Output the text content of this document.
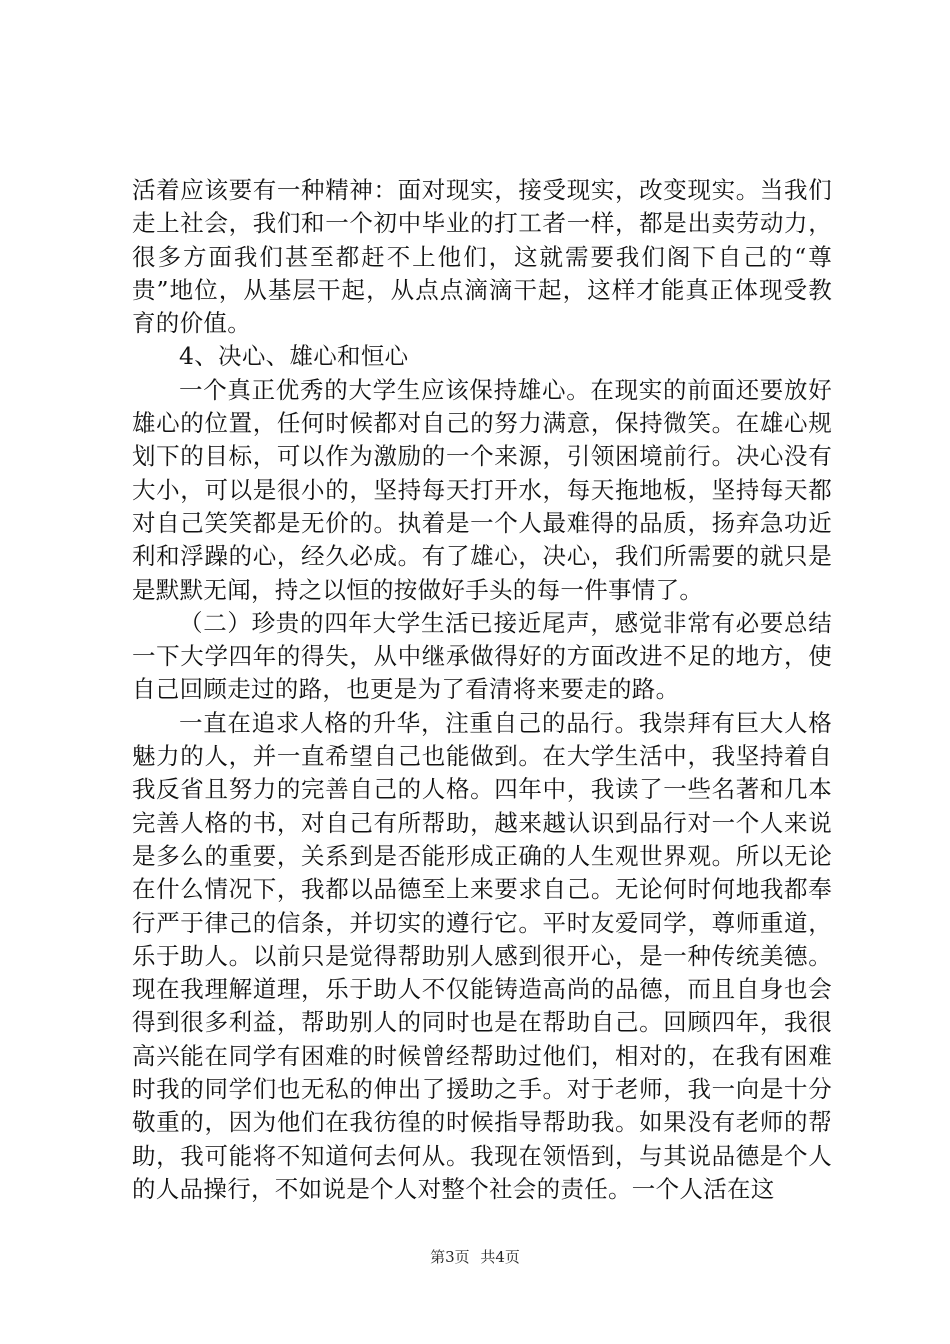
活着应该要有一种精神：面对现实，接受现实，改变现实。当我们走上社会，我们和一个初中毕业的打工者一样，都是出卖劳动力，很多方面我们甚至都赶不上他们，这就需要我们阁下自己的“尊贵”地位，从基层干起，从点点滴滴干起，这样才能真正体现受教育的价值。

4、决心、雄心和恒心

一个真正优秀的大学生应该保持雄心。在现实的前面还要放好雄心的位置，任何时候都对自己的努力满意，保持微笑。在雄心规划下的目标，可以作为激励的一个来源，引领困境前行。决心没有大小，可以是很小的，坚持每天打开水，每天拖地板，坚持每天都对自己笑笑都是无价的。执着是一个人最难得的品质，扬弃急功近利和浮躁的心，经久必成。有了雄心，决心，我们所需要的就只是是默默无闻，持之以恒的按做好手头的每一件事情了。

（二）珍贵的四年大学生活已接近尾声，感觉非常有必要总结一下大学四年的得失，从中继承做得好的方面改进不足的地方，使自己回顾走过的路，也更是为了看清将来要走的路。

一直在追求人格的升华，注重自己的品行。我崇拜有巨大人格魅力的人，并一直希望自己也能做到。在大学生活中，我坚持着自我反省且努力的完善自己的人格。四年中，我读了一些名著和几本完善人格的书，对自己有所帮助，越来越认识到品行对一个人来说是多么的重要，关系到是否能形成正确的人生观世界观。所以无论在什么情况下，我都以品德至上来要求自己。无论何时何地我都奉行严于律己的信条，并切实的遵行它。平时友爱同学，尊师重道，乐于助人。以前只是觉得帮助别人感到很开心，是一种传统美德。现在我理解道理，乐于助人不仅能铸造高尚的品德，而且自身也会得到很多利益，帮助别人的同时也是在帮助自己。回顾四年，我很高兴能在同学有困难的时候曾经帮助过他们，相对的，在我有困难时我的同学们也无私的伸出了援助之手。对于老师，我一向是十分敬重的，因为他们在我彷徨的时候指导帮助我。如果没有老师的帮助，我可能将不知道何去何从。我现在领悟到，与其说品德是个人的人品操行，不如说是个人对整个社会的责任。一个人活在这

第3页 共4页
